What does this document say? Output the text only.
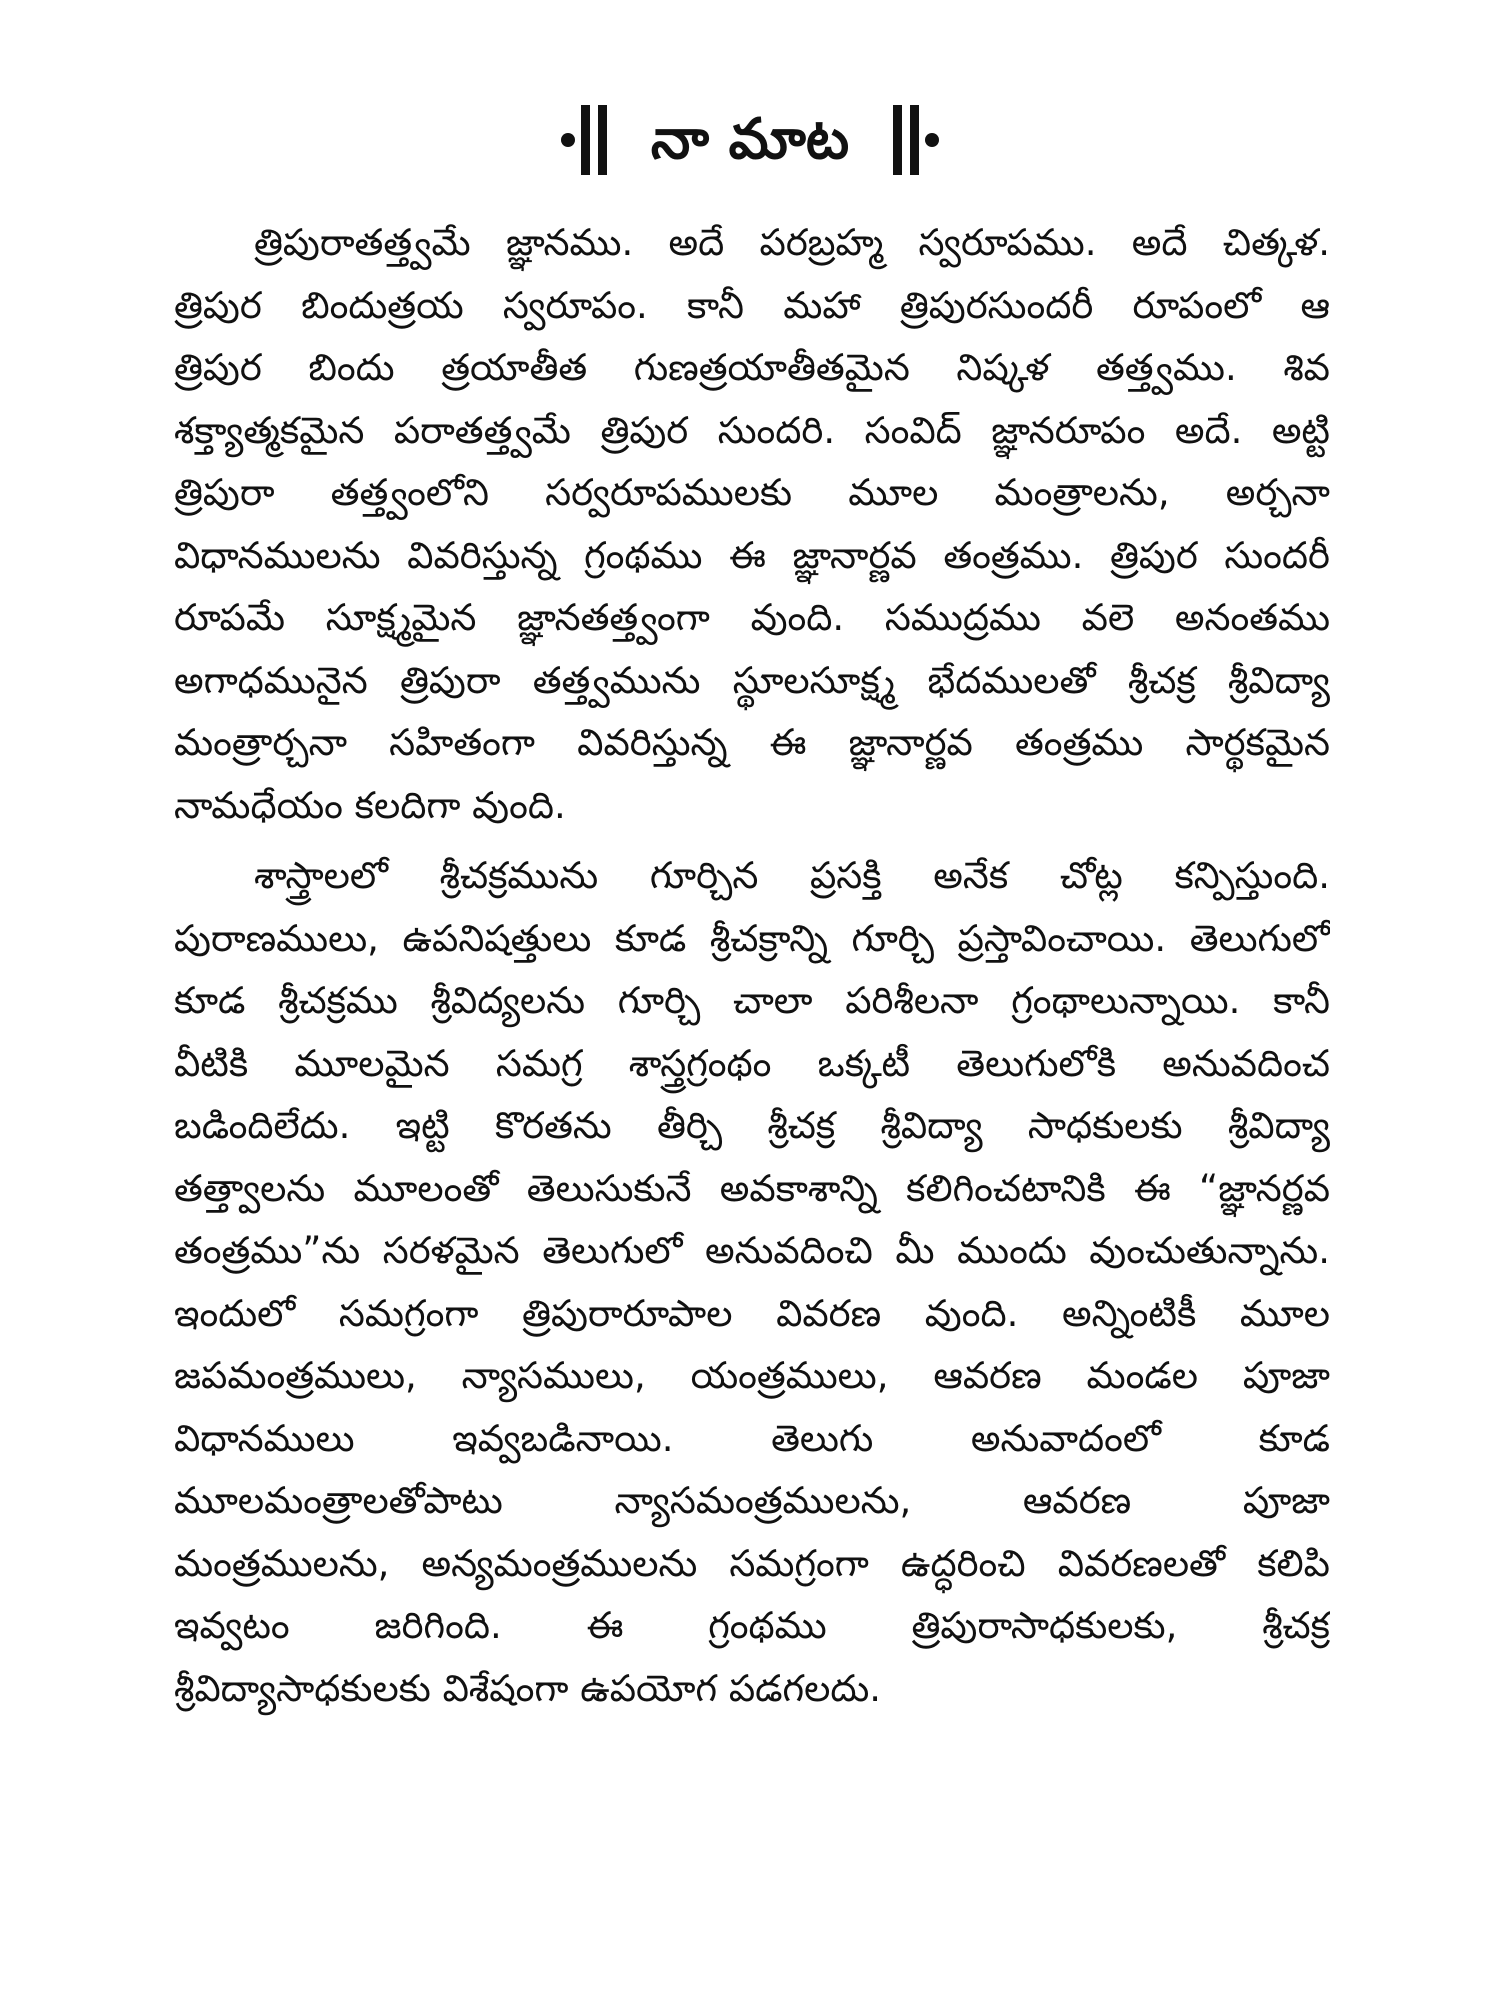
నా మాట

త్రిపురాతత్త్వమే జ్ఞానము. అదే పరబ్రహ్మ స్వరూపము. అదే చిత్కళ.
త్రిపుర బిందుత్రయ స్వరూపం. కానీ మహా త్రిపురసుందరీ రూపంలో ఆ
త్రిపుర బిందు త్రయాతీత గుణత్రయాతీతమైన నిష్కళ తత్త్వము. శివ
శక్త్యాత్మకమైన పరాతత్త్వమే త్రిపుర సుందరి. సంవిద్ జ్ఞానరూపం అదే. అట్టి
త్రిపురా తత్త్వంలోని సర్వరూపములకు మూల మంత్రాలను, అర్చనా
విధానములను వివరిస్తున్న గ్రంథము ఈ జ్ఞానార్ణవ తంత్రము. త్రిపుర సుందరీ
రూపమే సూక్ష్మమైన జ్ఞానతత్త్వంగా వుంది. సముద్రము వలె అనంతము
అగాధమునైన త్రిపురా తత్త్వమును స్థూలసూక్ష్మ భేదములతో శ్రీచక్ర శ్రీవిద్యా
మంత్రార్చనా సహితంగా వివరిస్తున్న ఈ జ్ఞానార్ణవ తంత్రము సార్థకమైన
నామధేయం కలదిగా వుంది.

శాస్త్రాలలో శ్రీచక్రమును గూర్చిన ప్రసక్తి అనేక చోట్ల కన్పిస్తుంది.
పురాణములు, ఉపనిషత్తులు కూడ శ్రీచక్రాన్ని గూర్చి ప్రస్తావించాయి. తెలుగులో
కూడ శ్రీచక్రము శ్రీవిద్యలను గూర్చి చాలా పరిశీలనా గ్రంథాలున్నాయి. కానీ
వీటికి మూలమైన సమగ్ర శాస్త్రగ్రంథం ఒక్కటీ తెలుగులోకి అనువదించ
బడిందిలేదు. ఇట్టి కొరతను తీర్చి శ్రీచక్ర శ్రీవిద్యా సాధకులకు శ్రీవిద్యా
తత్త్వాలను మూలంతో తెలుసుకునే అవకాశాన్ని కలిగించటానికి ఈ “జ్ఞానర్ణవ
తంత్రము”ను సరళమైన తెలుగులో అనువదించి మీ ముందు వుంచుతున్నాను.
ఇందులో సమగ్రంగా త్రిపురారూపాల వివరణ వుంది. అన్నింటికీ మూల
జపమంత్రములు, న్యాసములు, యంత్రములు, ఆవరణ మండల పూజా
విధానములు ఇవ్వబడినాయి. తెలుగు అనువాదంలో కూడ
మూలమంత్రాలతోపాటు న్యాసమంత్రములను, ఆవరణ పూజా
మంత్రములను, అన్యమంత్రములను సమగ్రంగా ఉద్ధరించి వివరణలతో కలిపి
ఇవ్వటం జరిగింది. ఈ గ్రంథము త్రిపురాసాధకులకు, శ్రీచక్ర
శ్రీవిద్యాసాధకులకు విశేషంగా ఉపయోగ పడగలదు.
